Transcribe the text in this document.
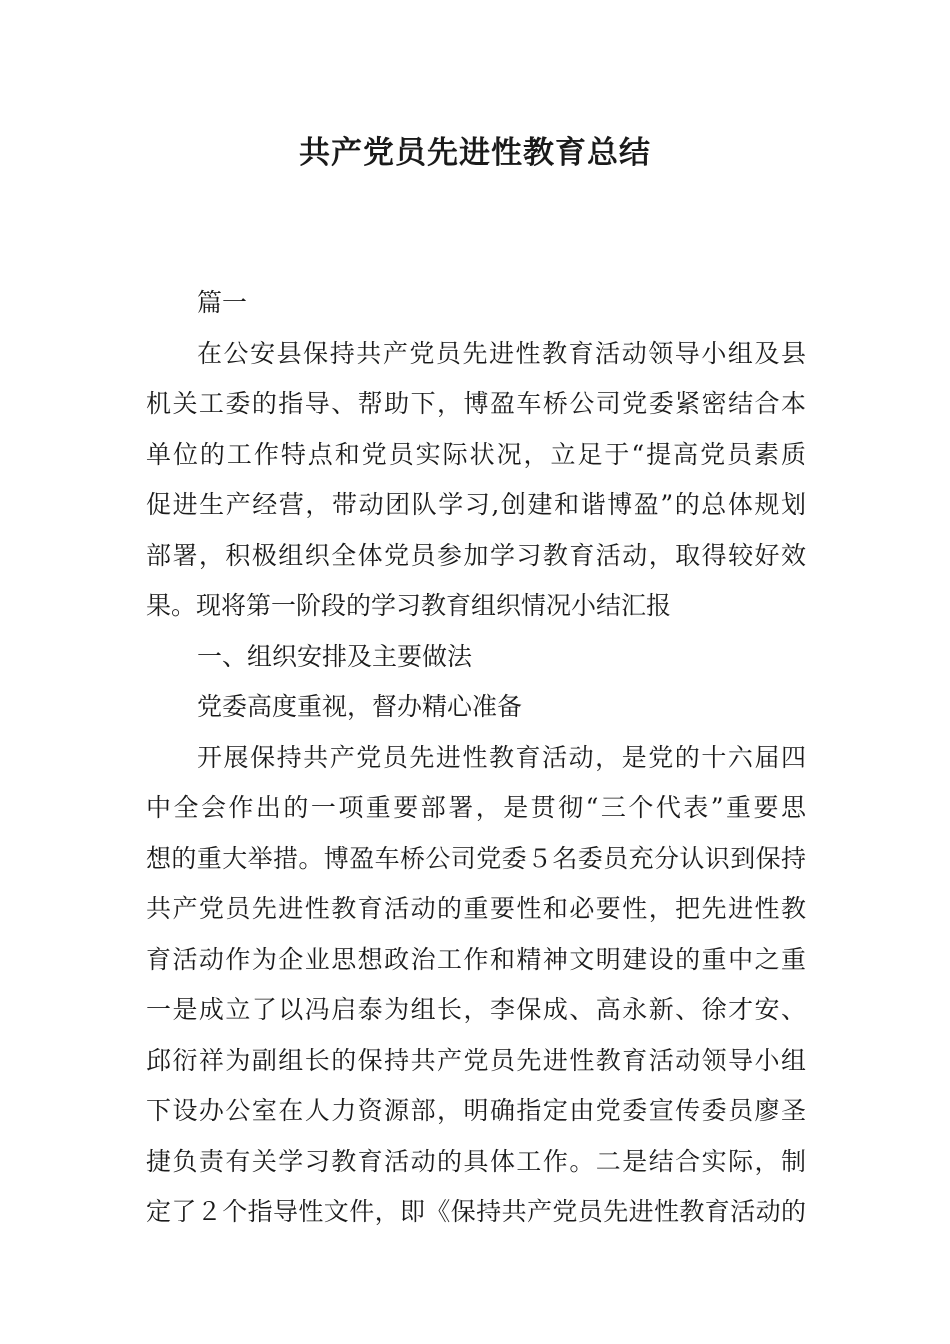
共产党员先进性教育总结
篇一
在公安县保持共产党员先进性教育活动领导小组及县
机关工委的指导、帮助下，博盈车桥公司党委紧密结合本
单位的工作特点和党员实际状况，立足于“提高党员素质
促进生产经营，带动团队学习,创建和谐博盈”的总体规划
部署，积极组织全体党员参加学习教育活动，取得较好效
果。现将第一阶段的学习教育组织情况小结汇报
一、组织安排及主要做法
党委高度重视，督办精心准备
开展保持共产党员先进性教育活动，是党的十六届四
中全会作出的一项重要部署，是贯彻“三个代表”重要思
想的重大举措。博盈车桥公司党委５名委员充分认识到保持
共产党员先进性教育活动的重要性和必要性，把先进性教
育活动作为企业思想政治工作和精神文明建设的重中之重
一是成立了以冯启泰为组长，李保成、高永新、徐才安、
邱衍祥为副组长的保持共产党员先进性教育活动领导小组
下设办公室在人力资源部，明确指定由党委宣传委员廖圣
捷负责有关学习教育活动的具体工作。二是结合实际，制
定了２个指导性文件，即《保持共产党员先进性教育活动的
